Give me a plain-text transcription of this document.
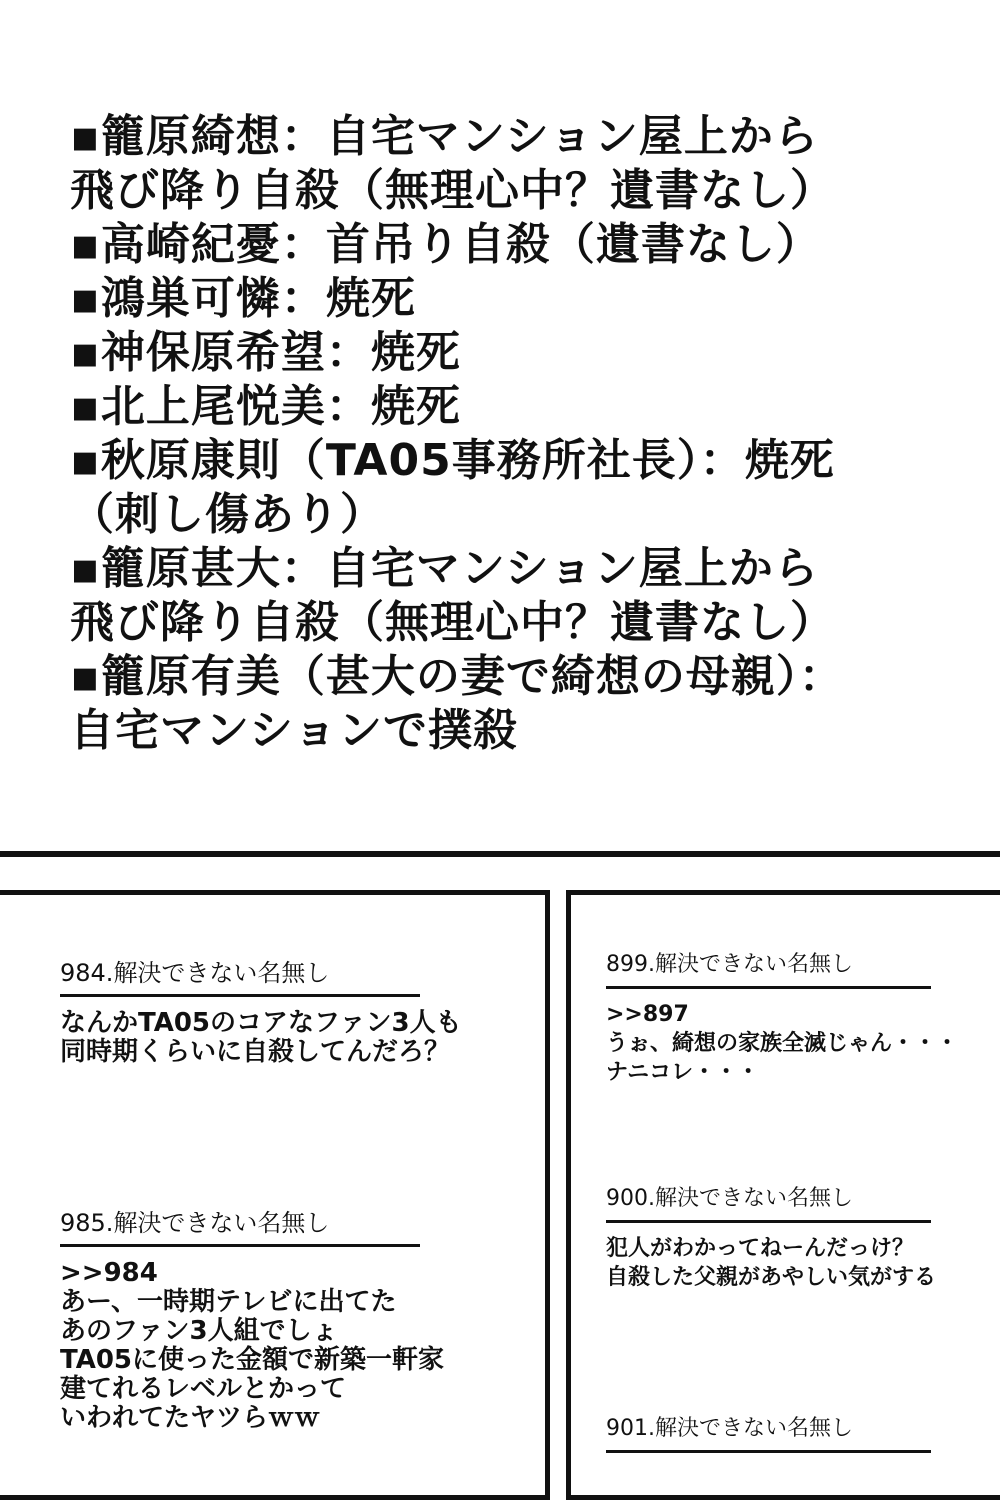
▪籠原綺想：自宅マンション屋上から
飛び降り自殺（無理心中？遺書なし）
▪高崎紀憂：首吊り自殺（遺書なし）
▪鴻巣可憐：焼死
▪神保原希望：焼死
▪北上尾悦美：焼死
▪秋原康則（TA05事務所社長）：焼死
（刺し傷あり）
▪籠原甚大：自宅マンション屋上から
飛び降り自殺（無理心中？遺書なし）
▪籠原有美（甚大の妻で綺想の母親）：
自宅マンションで撲殺
984.解決できない名無し
なんかTA05のコアなファン3人も
同時期くらいに自殺してんだろ？
985.解決できない名無し
>>984
あー、一時期テレビに出てた
あのファン3人組でしょ
TA05に使った金額で新築一軒家
建てれるレベルとかって
いわれてたヤツらｗｗ
899.解決できない名無し
>>897
うぉ、綺想の家族全滅じゃん・・・
ナニコレ・・・
900.解決できない名無し
犯人がわかってねーんだっけ？
自殺した父親があやしい気がする
901.解決できない名無し
